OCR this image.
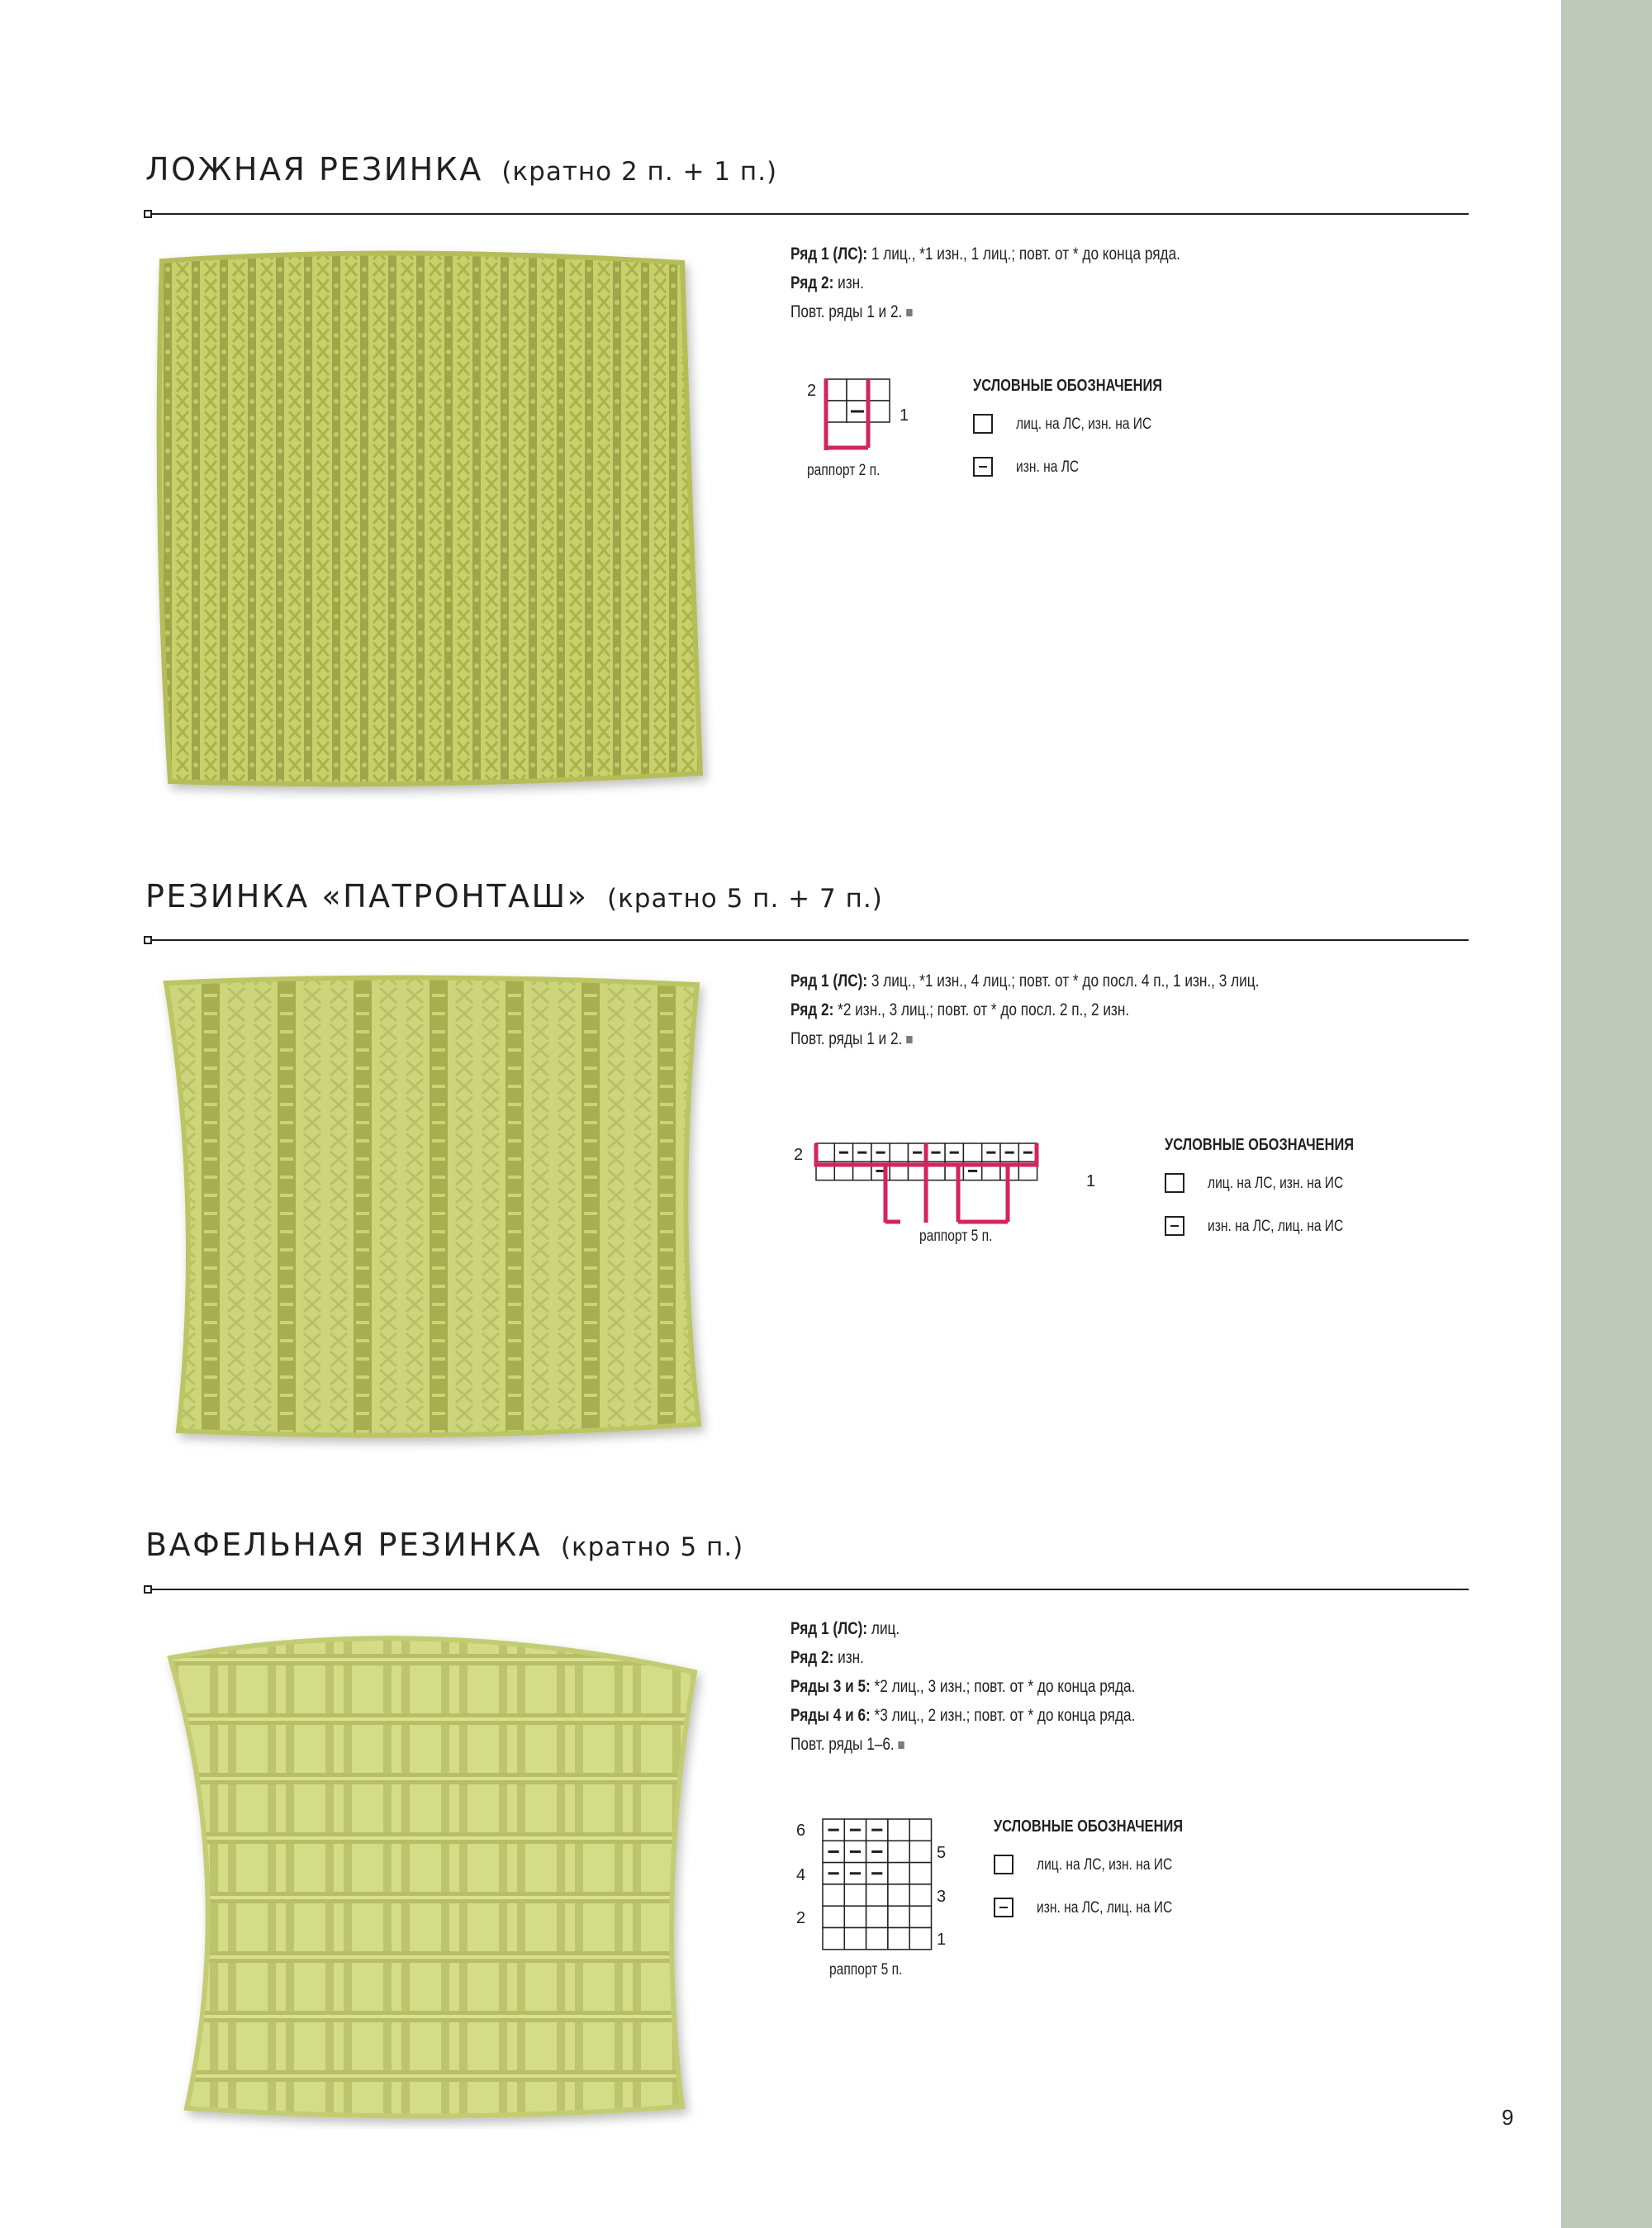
ЛОЖНАЯ РЕЗИНКА (кратно 2 п. + 1 п.)
Ряд 1 (ЛС): 1 лиц., *1 изн., 1 лиц.; повт. от * до конца ряда.
Ряд 2: изн.
Повт. ряды 1 и 2.
2
1
раппорт 2 п.
УСЛОВНЫЕ ОБОЗНАЧЕНИЯ
лиц. на ЛС, изн. на ИС
изн. на ЛС
РЕЗИНКА «ПАТРОНТАШ» (кратно 5 п. + 7 п.)
Ряд 1 (ЛС): 3 лиц., *1 изн., 4 лиц.; повт. от * до посл. 4 п., 1 изн., 3 лиц.
Ряд 2: *2 изн., 3 лиц.; повт. от * до посл. 2 п., 2 изн.
Повт. ряды 1 и 2.
2
1
раппорт 5 п.
УСЛОВНЫЕ ОБОЗНАЧЕНИЯ
лиц. на ЛС, изн. на ИС
изн. на ЛС, лиц. на ИС
ВАФЕЛЬНАЯ РЕЗИНКА (кратно 5 п.)
Ряд 1 (ЛС): лиц.
Ряд 2: изн.
Ряды 3 и 5: *2 лиц., 3 изн.; повт. от * до конца ряда.
Ряды 4 и 6: *3 лиц., 2 изн.; повт. от * до конца ряда.
Повт. ряды 1–6.
6
4
2
5
3
1
раппорт 5 п.
УСЛОВНЫЕ ОБОЗНАЧЕНИЯ
лиц. на ЛС, изн. на ИС
изн. на ЛС, лиц. на ИС
9
